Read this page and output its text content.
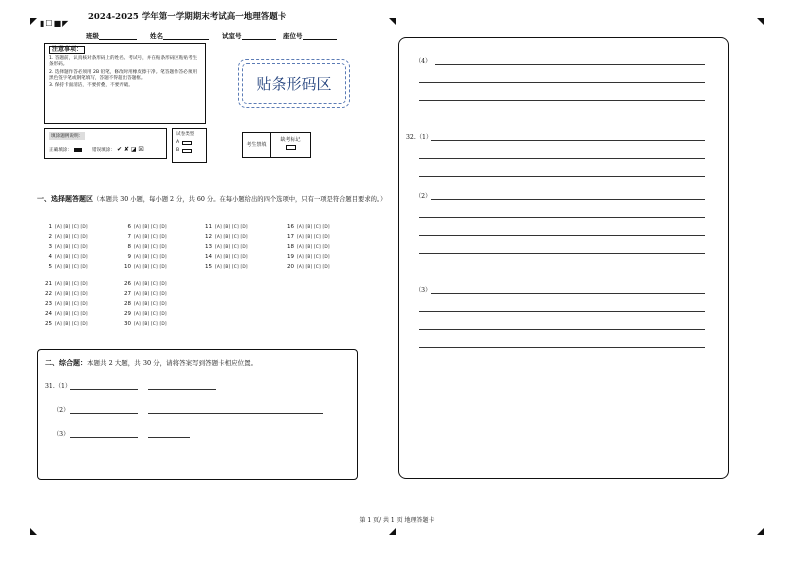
▮☐■◤
2024-2025 学年第一学期期末考试高一地理答题卡
班级	姓名	试室号	座位号
注意事项：
1. 答题前，认真核对条形码上的姓名、考试号，并在贴条形码区粘贴考生条形码。
2. 选择题作答必须用 2B 铅笔，修改时用橡皮擦干净。笔答题作答必须用黑色签字笔或钢笔填写，答题不得超出答题框。
3. 保持卡面清洁，不要折叠，不要弄破。	贴条形码区
填涂题例说明：
正确填涂：	错误填涂： ✔ ✘ ◪ ☒
试卷类型
A
B
考生禁填
缺考标记
一、选择题答题区（本题共 30 小题，每小题 2 分，共 60 分。在每小题给出的四个选项中，只有一项是符合题目要求的。）
1 [A] [B] [C] [D]
2 [A] [B] [C] [D]
3 [A] [B] [C] [D]
4 [A] [B] [C] [D]
5 [A] [B] [C] [D]
6 [A] [B] [C] [D]
7 [A] [B] [C] [D]
8 [A] [B] [C] [D]
9 [A] [B] [C] [D]
10 [A] [B] [C] [D]
11 [A] [B] [C] [D]
12 [A] [B] [C] [D]
13 [A] [B] [C] [D]
14 [A] [B] [C] [D]
15 [A] [B] [C] [D]
16 [A] [B] [C] [D]
17 [A] [B] [C] [D]
18 [A] [B] [C] [D]
19 [A] [B] [C] [D]
20 [A] [B] [C] [D]
21 [A] [B] [C] [D]
22 [A] [B] [C] [D]
23 [A] [B] [C] [D]
24 [A] [B] [C] [D]
25 [A] [B] [C] [D]
26 [A] [B] [C] [D]
27 [A] [B] [C] [D]
28 [A] [B] [C] [D]
29 [A] [B] [C] [D]
30 [A] [B] [C] [D]
二、综合题：本题共 2 大题，共 30 分，请将答案写到答题卡相应位置。
31.（1）
（2）
（3）
（4）
32.（1）
（2）
（3）
第 1 页/ 共 1 页 地理答题卡
